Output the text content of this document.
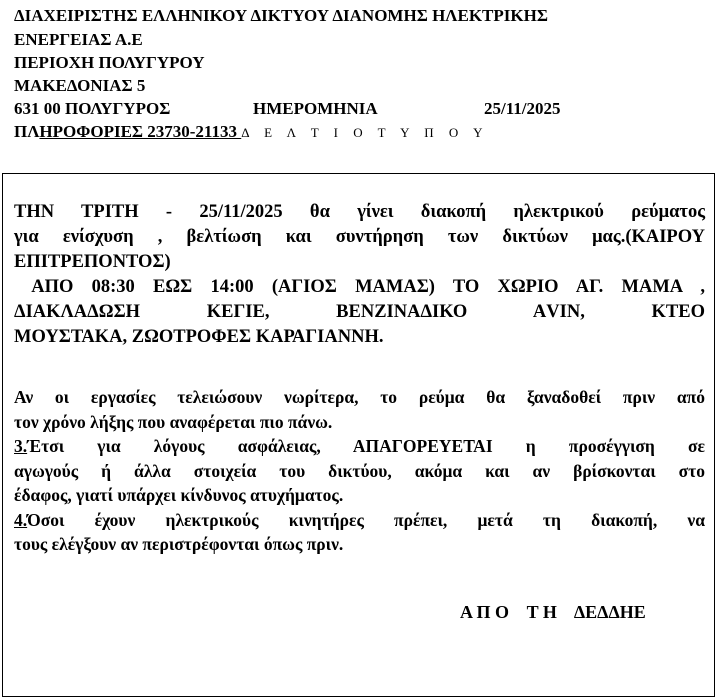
ΔΙΑΧΕΙΡΙΣΤΗΣ ΕΛΛΗΝΙΚΟΥ ΔΙΚΤΥΟΥ ΔΙΑΝΟΜΗΣ ΗΛΕΚΤΡΙΚΗΣ
ΕΝΕΡΓΕΙΑΣ Α.Ε
ΠΕΡΙΟΧΗ ΠΟΛΥΓΥΡΟΥ
ΜΑΚΕΔΟΝΙΑΣ 5
631 00 ΠΟΛΥΓΥΡΟΣ	ΗΜΕΡΟΜΗΝΙΑ	25/11/2025
ΠΛΗΡΟΦΟΡΙΕΣ 23730-21133 Δ Ε Λ Τ Ι Ο Τ Υ Π Ο Υ
ΤΗΝ ΤΡΙΤΗ - 25/11/2025 θα γίνει διακοπή ηλεκτρικού ρεύματος
για ενίσχυση , βελτίωση και συντήρηση των δικτύων μας.(ΚΑΙΡΟΥ
ΕΠΙΤΡΕΠΟΝΤΟΣ)
ΑΠΟ 08:30 ΕΩΣ 14:00 (ΑΓΙΟΣ ΜΑΜΑΣ) ΤΟ ΧΩΡΙΟ ΑΓ. ΜΑΜΑ ,
ΔΙΑΚΛΑΔΩΣΗ ΚΕΓΙΕ, ΒΕΝΖΙΝΑΔΙΚΟ ΑVIN, ΚΤΕΟ
ΜΟΥΣΤΑΚΑ, ΖΩΟΤΡΟΦΕΣ ΚΑΡΑΓΙΑΝΝΗ.
Αν οι εργασίες τελειώσουν νωρίτερα, το ρεύμα θα ξαναδοθεί πριν από
τον χρόνο λήξης που αναφέρεται πιο πάνω.
3.Έτσι για λόγους ασφάλειας, ΑΠΑΓΟΡΕΥΕΤΑΙ η προσέγγιση σε
αγωγούς ή άλλα στοιχεία του δικτύου, ακόμα και αν βρίσκονται στο
έδαφος, γιατί υπάρχει κίνδυνος ατυχήματος.
4.Όσοι έχουν ηλεκτρικούς κινητήρες πρέπει, μετά τη διακοπή, να
τους ελέγξουν αν περιστρέφονται όπως πριν.
Α Π Ο    Τ Η    ΔΕΔΔΗΕ
